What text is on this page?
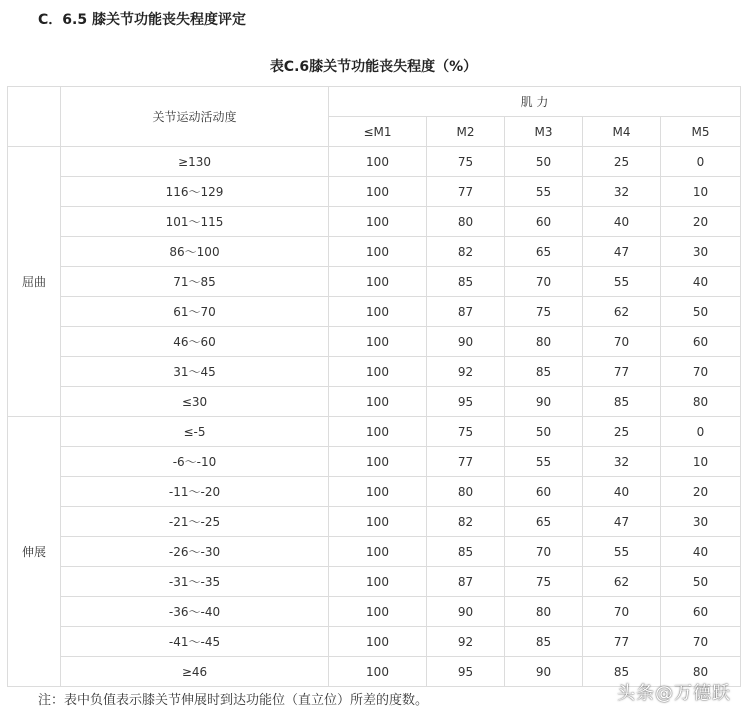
C．6.5 膝关节功能丧失程度评定
表C.6膝关节功能丧失程度（%）
	关节运动活动度	肌 力				
		≤M1	M2	M3	M4	M5
屈曲	≥130	100	75	50	25	0
	116～129	100	77	55	32	10
	101～115	100	80	60	40	20
	86～100	100	82	65	47	30
	71～85	100	85	70	55	40
	61～70	100	87	75	62	50
	46～60	100	90	80	70	60
	31～45	100	92	85	77	70
	≤30	100	95	90	85	80
伸展	≤-5	100	75	50	25	0
	-6～-10	100	77	55	32	10
	-11～-20	100	80	60	40	20
	-21～-25	100	82	65	47	30
	-26～-30	100	85	70	55	40
	-31～-35	100	87	75	62	50
	-36～-40	100	90	80	70	60
	-41～-45	100	92	85	77	70
	≥46	100	95	90	85	80
注：表中负值表示膝关节伸展时到达功能位（直立位）所差的度数。	头条@万德跃
